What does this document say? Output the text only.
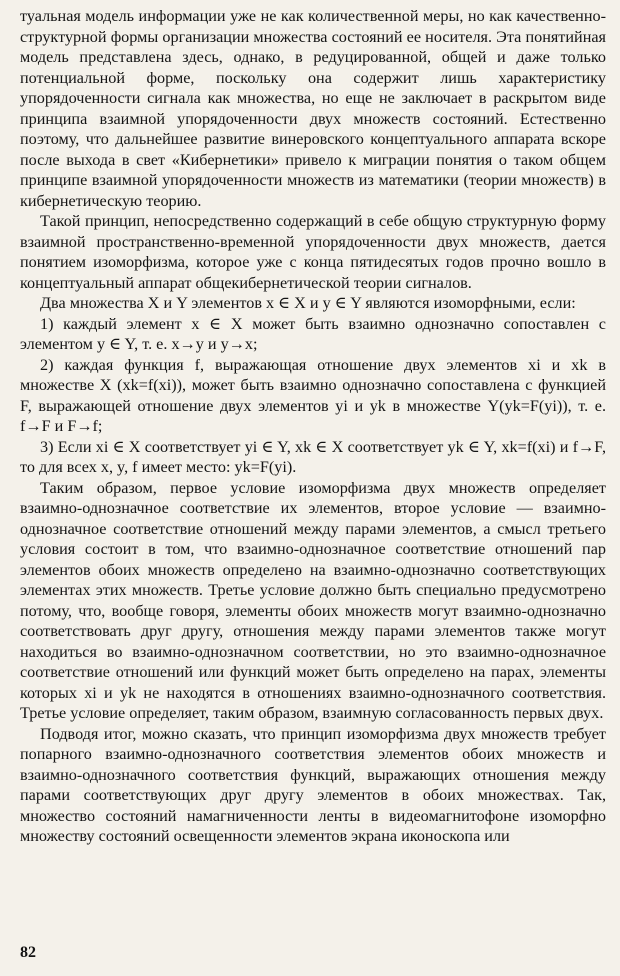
туальная модель информации уже не как количественной меры, но как качественно-структурной формы организации множества состояний ее носителя. Эта понятийная модель представлена здесь, однако, в редуцированной, общей и даже только потенциальной форме, поскольку она содержит лишь характеристику упорядоченности сигнала как множества, но еще не заключает в раскрытом виде принципа взаимной упорядоченности двух множеств состояний. Естественно поэтому, что дальнейшее развитие винеровского концептуального аппарата вскоре после выхода в свет «Кибернетики» привело к миграции понятия о таком общем принципе взаимной упорядоченности множеств из математики (теории множеств) в кибернетическую теорию.

Такой принцип, непосредственно содержащий в себе общую структурную форму взаимной пространственно-временной упорядоченности двух множеств, дается понятием изоморфизма, которое уже с конца пятидесятых годов прочно вошло в концептуальный аппарат общекибернетической теории сигналов.

Два множества X и Y элементов x ∈ X и y ∈ Y являются изоморфными, если:

1) каждый элемент x ∈ X может быть взаимно однозначно сопоставлен с элементом y ∈ Y, т. е. x→y и y→x;

2) каждая функция f, выражающая отношение двух элементов xi и xk в множестве X (xk=f(xi)), может быть взаимно однозначно сопоставлена с функцией F, выражающей отношение двух элементов yi и yk в множестве Y(yk=F(yi)), т. е. f→F и F→f;

3) Если xi ∈ X соответствует yi ∈ Y, xk ∈ X соответствует yk ∈ Y, xk=f(xi) и f→F, то для всех x, y, f имеет место: yk=F(yi).

Таким образом, первое условие изоморфизма двух множеств определяет взаимно-однозначное соответствие их элементов, второе условие — взаимно-однозначное соответствие отношений между парами элементов, а смысл третьего условия состоит в том, что взаимно-однозначное соответствие отношений пар элементов обоих множеств определено на взаимно-однозначно соответствующих элементах этих множеств. Третье условие должно быть специально предусмотрено потому, что, вообще говоря, элементы обоих множеств могут взаимно-однозначно соответствовать друг другу, отношения между парами элементов также могут находиться во взаимно-однозначном соответствии, но это взаимно-однозначное соответствие отношений или функций может быть определено на парах, элементы которых xi и yk не находятся в отношениях взаимно-однозначного соответствия. Третье условие определяет, таким образом, взаимную согласованность первых двух.

Подводя итог, можно сказать, что принцип изоморфизма двух множеств требует попарного взаимно-однозначного соответствия элементов обоих множеств и взаимно-однозначного соответствия функций, выражающих отношения между парами соответствующих друг другу элементов в обоих множествах. Так, множество состояний намагниченности ленты в видеомагнитофоне изоморфно множеству состояний освещенности элементов экрана иконоскопа или

82
